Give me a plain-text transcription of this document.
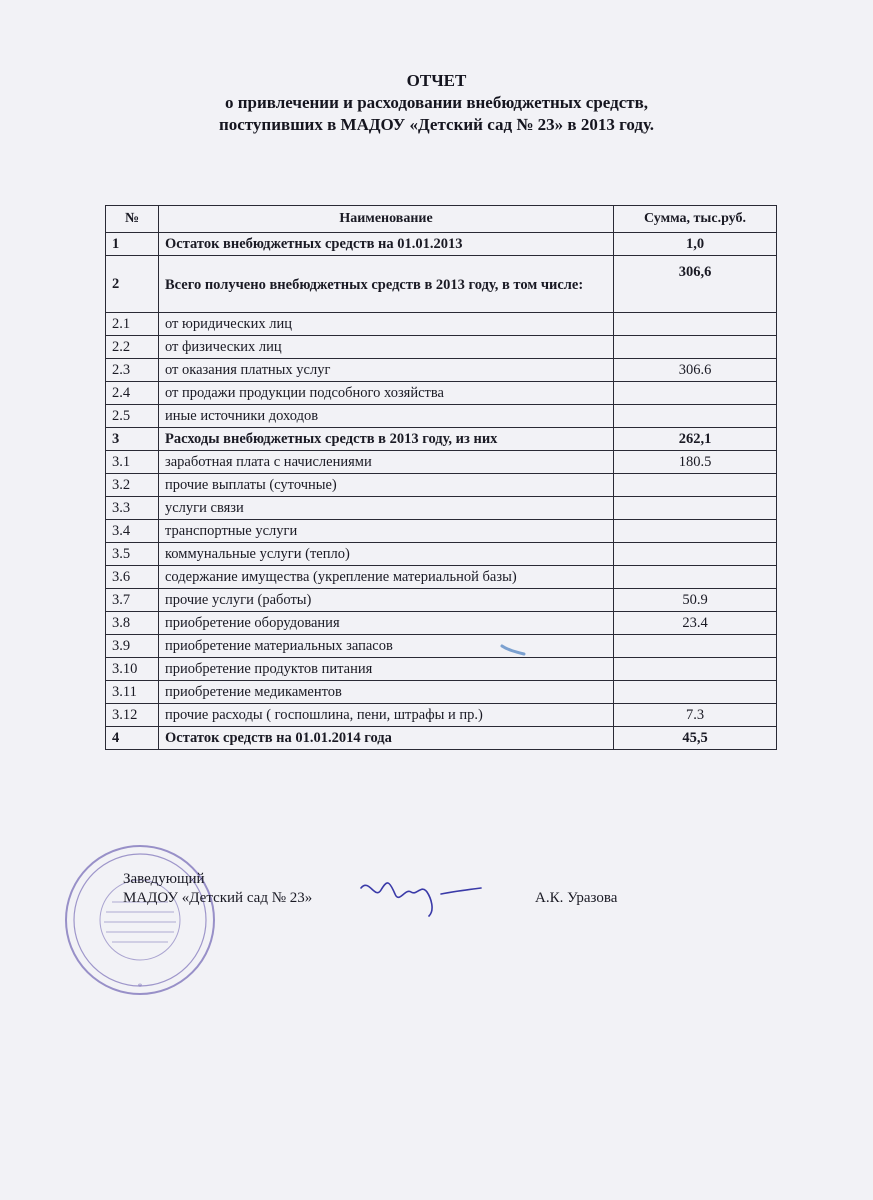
ОТЧЕТ
о привлечении и расходовании внебюджетных средств,
поступивших в МАДОУ «Детский сад № 23» в 2013 году.
№	Наименование	Сумма, тыс.руб.
1	Остаток внебюджетных средств на 01.01.2013	1,0
2	Всего получено внебюджетных средств в 2013 году, в том числе:	306,6
2.1	от юридических лиц	
2.2	от физических лиц	
2.3	от оказания платных услуг	306.6
2.4	от продажи продукции подсобного хозяйства	
2.5	иные источники доходов	
3	Расходы внебюджетных средств в 2013 году, из них	262,1
3.1	заработная плата с начислениями	180.5
3.2	прочие выплаты (суточные)	
3.3	услуги связи	
3.4	транспортные услуги	
3.5	коммунальные услуги (тепло)	
3.6	содержание имущества (укрепление материальной базы)	
3.7	прочие услуги (работы)	50.9
3.8	приобретение оборудования	23.4
3.9	приобретение материальных запасов	
3.10	приобретение продуктов питания	
3.11	приобретение медикаментов	
3.12	прочие расходы ( госпошлина, пени, штрафы и пр.)	7.3
4	Остаток средств на 01.01.2014 года	45,5
*
Заведующий
МАДОУ «Детский сад № 23»	А.К. Уразова
